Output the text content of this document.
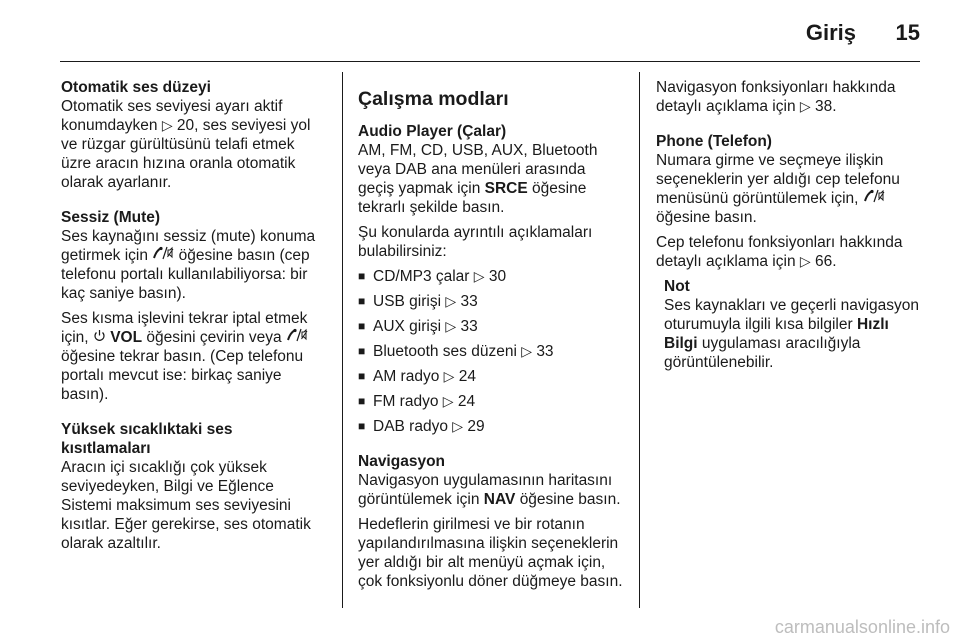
Giriş 15
Otomatik ses düzeyi
Otomatik ses seviyesi ayarı aktif konumdayken ▷ 20, ses seviyesi yol ve rüzgar gürültüsünü telafi etmek üzre aracın hızına oranla otomatik olarak ayarlanır.
Sessiz (Mute)

Ses kaynağını sessiz (mute) konuma getirmek için öğesine basın (cep telefonu portalı kullanılabiliyorsa: bir kaç saniye basın).

Ses kısma işlevini tekrar iptal etmek için, VOL öğesini çevirin veya  öğesine tekrar basın. (Cep telefonu portalı mevcut ise: birkaç saniye basın).

Yüksek sıcaklıktaki ses kısıtlamaları
Aracın içi sıcaklığı çok yüksek seviyedeyken, Bilgi ve Eğlence Sistemi maksimum ses seviyesini kısıtlar. Eğer gerekirse, ses otomatik olarak azaltılır.
Çalışma modları
Audio Player (Çalar)

AM, FM, CD, USB, AUX, Bluetooth veya DAB ana menüleri arasında geçiş yapmak için SRCE öğesine tekrarlı şekilde basın.

Şu konularda ayrıntılı açıklamaları bulabilirsiniz:

■ CD/MP3 çalar ▷ 30
■ USB girişi ▷ 33
■ AUX girişi ▷ 33
■ Bluetooth ses düzeni ▷ 33
■ AM radyo ▷ 24
■ FM radyo ▷ 24
■ DAB radyo ▷ 29
Navigasyon

Navigasyon uygulamasının haritasını görüntülemek için NAV öğesine basın.

Hedeflerin girilmesi ve bir rotanın yapılandırılmasına ilişkin seçeneklerin yer aldığı bir alt menüyü açmak için, çok fonksiyonlu döner düğmeye basın.

Navigasyon fonksiyonları hakkında detaylı açıklama için ▷ 38.

Phone (Telefon)

Numara girme ve seçmeye ilişkin seçeneklerin yer aldığı cep telefonu menüsünü görüntülemek için,  öğesine basın.

Cep telefonu fonksiyonları hakkında detaylı açıklama için ▷ 66.

Not
Ses kaynakları ve geçerli navigasyon oturumuyla ilgili kısa bilgiler Hızlı Bilgi uygulaması aracılığıyla görüntülenebilir.
carmanualsonline.info
